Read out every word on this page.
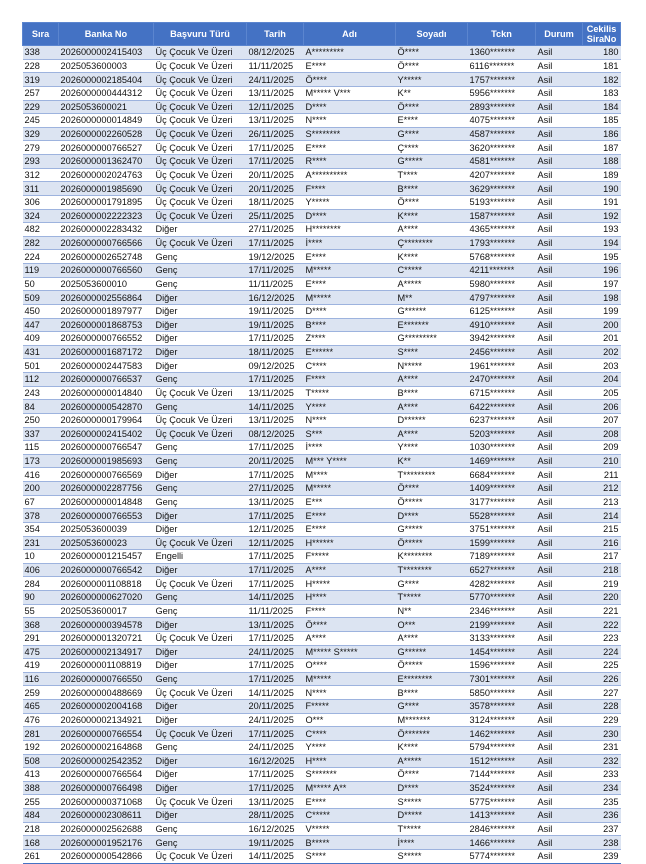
Sıra	Banka No	Başvuru Türü	Tarih	Adı	Soyadı	Tckn	Durum	Cekilis SiraNo
338	2026000002415403	Üç Çocuk Ve Üzeri	08/12/2025	A*********	Ö****	1360*******	Asil	180
228	2025053600003	Üç Çocuk Ve Üzeri	11/11/2025	E****	Ö****	6116*******	Asil	181
319	2026000002185404	Üç Çocuk Ve Üzeri	24/11/2025	Ö****	Y*****	1757*******	Asil	182
257	2026000000444312	Üç Çocuk Ve Üzeri	13/11/2025	M***** V***	K**	5956*******	Asil	183
229	2025053600021	Üç Çocuk Ve Üzeri	12/11/2025	D****	Ö****	2893*******	Asil	184
245	2026000000014849	Üç Çocuk Ve Üzeri	13/11/2025	N****	E****	4075*******	Asil	185
329	2026000002260528	Üç Çocuk Ve Üzeri	26/11/2025	S********	G****	4587*******	Asil	186
279	2026000000766527	Üç Çocuk Ve Üzeri	17/11/2025	E****	Ç****	3620*******	Asil	187
293	2026000001362470	Üç Çocuk Ve Üzeri	17/11/2025	R****	G*****	4581*******	Asil	188
312	2026000002024763	Üç Çocuk Ve Üzeri	20/11/2025	A**********	T****	4207*******	Asil	189
311	2026000001985690	Üç Çocuk Ve Üzeri	20/11/2025	F****	B****	3629*******	Asil	190
306	2026000001791895	Üç Çocuk Ve Üzeri	18/11/2025	Y*****	Ö****	5193*******	Asil	191
324	2026000002222323	Üç Çocuk Ve Üzeri	25/11/2025	D****	K****	1587*******	Asil	192
482	2026000002283432	Diğer	27/11/2025	H********	A****	4365*******	Asil	193
282	2026000000766566	Üç Çocuk Ve Üzeri	17/11/2025	İ****	Ç********	1793*******	Asil	194
224	2026000002652748	Genç	19/12/2025	E****	K****	5768*******	Asil	195
119	2026000000766560	Genç	17/11/2025	M*****	C*****	4211*******	Asil	196
50	2025053600010	Genç	11/11/2025	E****	A*****	5980*******	Asil	197
509	2026000002556864	Diğer	16/12/2025	M*****	M**	4797*******	Asil	198
450	2026000001897977	Diğer	19/11/2025	D****	G******	6125*******	Asil	199
447	2026000001868753	Diğer	19/11/2025	B****	E*******	4910*******	Asil	200
409	2026000000766552	Diğer	17/11/2025	Z****	G*********	3942*******	Asil	201
431	2026000001687172	Diğer	18/11/2025	E******	S****	2456*******	Asil	202
501	2026000002447583	Diğer	09/12/2025	C****	N*****	1961*******	Asil	203
112	2026000000766537	Genç	17/11/2025	F****	A****	2470*******	Asil	204
243	2026000000014840	Üç Çocuk Ve Üzeri	13/11/2025	T*****	B****	6715*******	Asil	205
84	2026000000542870	Genç	14/11/2025	Y****	A****	6422*******	Asil	206
250	2026000000179964	Üç Çocuk Ve Üzeri	13/11/2025	N****	D******	6237*******	Asil	207
337	2026000002415402	Üç Çocuk Ve Üzeri	08/12/2025	S***	A****	5203*******	Asil	208
115	2026000000766547	Genç	17/11/2025	İ****	Y****	1030*******	Asil	209
173	2026000001985693	Genç	20/11/2025	M*** Y****	K**	1469*******	Asil	210
416	2026000000766569	Diğer	17/11/2025	M****	T*********	6684*******	Asil	211
200	2026000002287756	Genç	27/11/2025	M*****	Ö****	1409*******	Asil	212
67	2026000000014848	Genç	13/11/2025	E***	Ö*****	3177*******	Asil	213
378	2026000000766553	Diğer	17/11/2025	E****	D****	5528*******	Asil	214
354	2025053600039	Diğer	12/11/2025	E****	G*****	3751*******	Asil	215
231	2025053600023	Üç Çocuk Ve Üzeri	12/11/2025	H******	Ö*****	1599*******	Asil	216
10	2026000001215457	Engelli	17/11/2025	F*****	K********	7189*******	Asil	217
406	2026000000766542	Diğer	17/11/2025	A****	T********	6527*******	Asil	218
284	2026000001108818	Üç Çocuk Ve Üzeri	17/11/2025	H*****	G****	4282*******	Asil	219
90	2026000000627020	Genç	14/11/2025	H****	T*****	5770*******	Asil	220
55	2025053600017	Genç	11/11/2025	F****	N**	2346*******	Asil	221
368	2026000000394578	Diğer	13/11/2025	Ö****	O***	2199*******	Asil	222
291	2026000001320721	Üç Çocuk Ve Üzeri	17/11/2025	A****	A****	3133*******	Asil	223
475	2026000002134917	Diğer	24/11/2025	M***** S*****	G******	1454*******	Asil	224
419	2026000001108819	Diğer	17/11/2025	O****	Ö*****	1596*******	Asil	225
116	2026000000766550	Genç	17/11/2025	M*****	E********	7301*******	Asil	226
259	2026000000488669	Üç Çocuk Ve Üzeri	14/11/2025	N****	B****	5850*******	Asil	227
465	2026000002004168	Diğer	20/11/2025	F*****	G****	3578*******	Asil	228
476	2026000002134921	Diğer	24/11/2025	O***	M*******	3124*******	Asil	229
281	2026000000766554	Üç Çocuk Ve Üzeri	17/11/2025	C****	Ö*******	1462*******	Asil	230
192	2026000002164868	Genç	24/11/2025	Y****	K****	5794*******	Asil	231
508	2026000002542352	Diğer	16/12/2025	H****	A*****	1512*******	Asil	232
413	2026000000766564	Diğer	17/11/2025	S*******	Ö****	7144*******	Asil	233
388	2026000000766498	Diğer	17/11/2025	M***** A**	D****	3524*******	Asil	234
255	2026000000371068	Üç Çocuk Ve Üzeri	13/11/2025	E****	S*****	5775*******	Asil	235
484	2026000002308611	Diğer	28/11/2025	C*****	D*****	1413*******	Asil	236
218	2026000002562688	Genç	16/12/2025	V*****	T*****	2846*******	Asil	237
168	2026000001952176	Genç	19/11/2025	B*****	İ****	1466*******	Asil	238
261	2026000000542866	Üç Çocuk Ve Üzeri	14/11/2025	S****	S*****	5774*******	Asil	239
